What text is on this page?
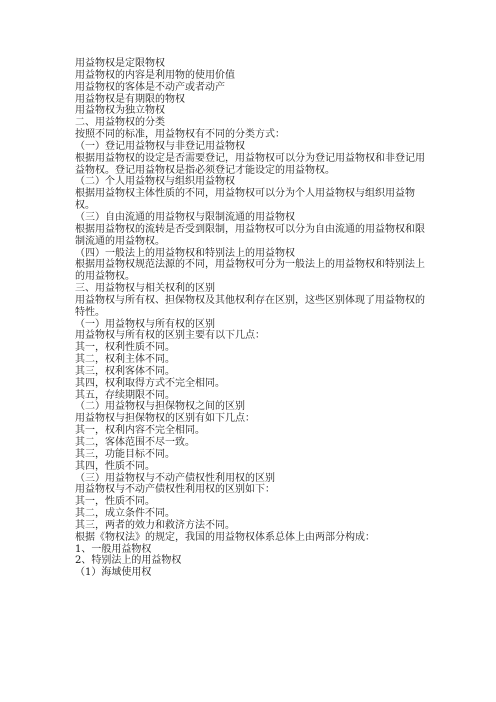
用益物权是定限物权

用益物权的内容是利用物的使用价值

用益物权的客体是不动产或者动产

用益物权是有期限的物权

用益物权为独立物权

二、用益物权的分类

按照不同的标准，用益物权有不同的分类方式：

（一）登记用益物权与非登记用益物权

根据用益物权的设定是否需要登记，用益物权可以分为登记用益物权和非登记用益物权。登记用益物权是指必须登记才能设定的用益物权。

（二）个人用益物权与组织用益物权

根据用益物权主体性质的不同，用益物权可以分为个人用益物权与组织用益物权。

（三）自由流通的用益物权与限制流通的用益物权

根据用益物权的流转是否受到限制，用益物权可以分为自由流通的用益物权和限制流通的用益物权。

（四）一般法上的用益物权和特别法上的用益物权

根据用益物权规范法源的不同，用益物权可分为一般法上的用益物权和特别法上的用益物权。

三、用益物权与相关权利的区别

用益物权与所有权、担保物权及其他权利存在区别，这些区别体现了用益物权的特性。

（一）用益物权与所有权的区别

用益物权与所有权的区别主要有以下几点：

其一，权利性质不同。

其二，权利主体不同。

其三，权利客体不同。

其四，权利取得方式不完全相同。

其五，存续期限不同。

（二）用益物权与担保物权之间的区别

用益物权与担保物权的区别有如下几点：

其一，权利内容不完全相同。

其二，客体范围不尽一致。

其三，功能目标不同。

其四，性质不同。

（三）用益物权与不动产债权性利用权的区别

用益物权与不动产债权性利用权的区别如下：

其一，性质不同。

其二，成立条件不同。

其三，两者的效力和救济方法不同。

根据《物权法》的规定，我国的用益物权体系总体上由两部分构成：

1、一般用益物权

2、特别法上的用益物权

（1）海域使用权
